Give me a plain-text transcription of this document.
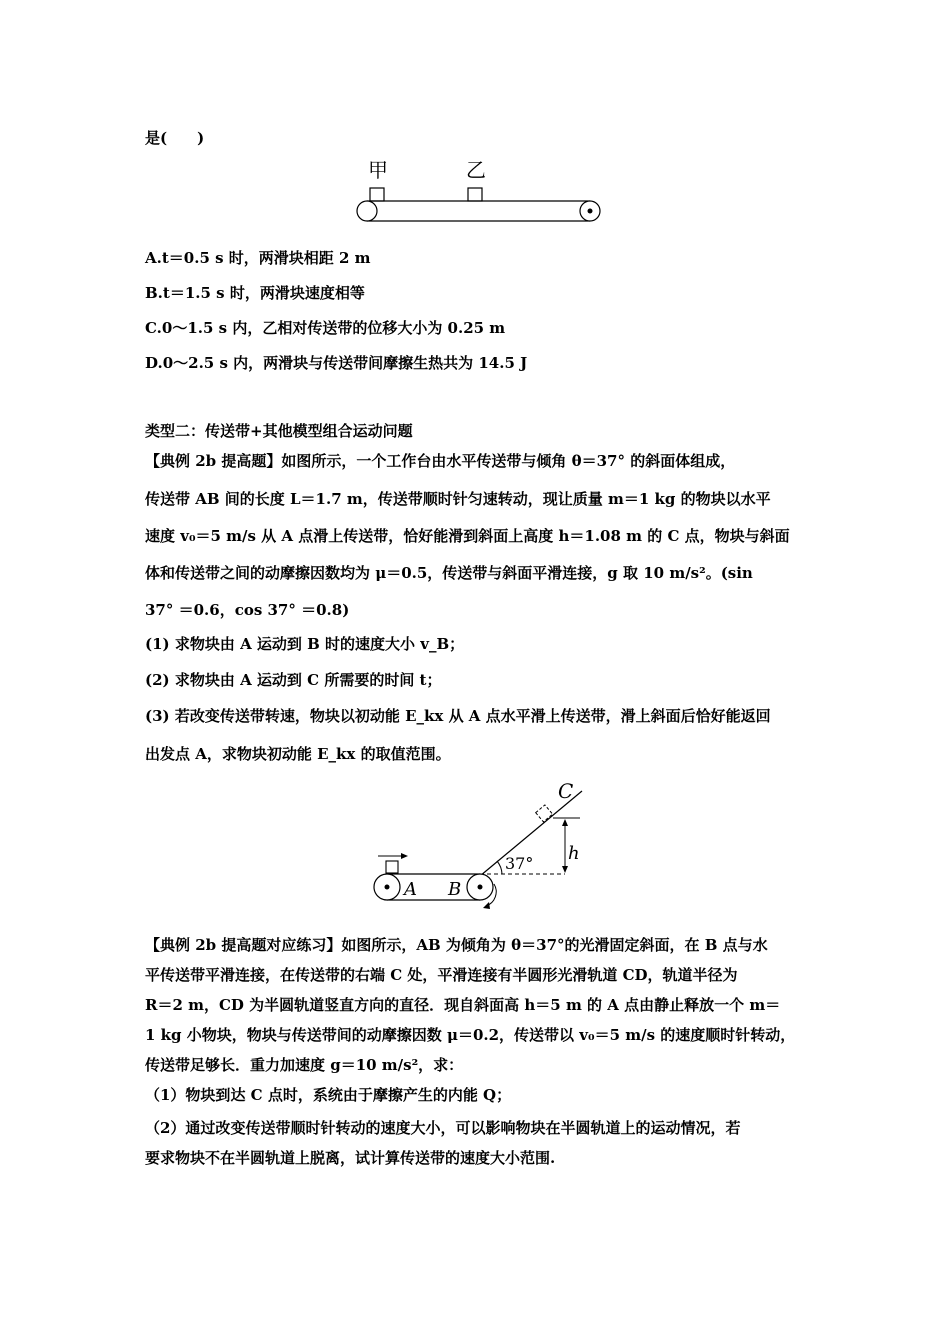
是(　　)
甲	乙
A.t＝0.5 s 时，两滑块相距 2 m
B.t＝1.5 s 时，两滑块速度相等
C.0～1.5 s 内，乙相对传送带的位移大小为 0.25 m
D.0～2.5 s 内，两滑块与传送带间摩擦生热共为 14.5 J
类型二：传送带+其他模型组合运动问题
【典例 2b 提高题】如图所示，一个工作台由水平传送带与倾角 θ＝37° 的斜面体组成，
传送带 AB 间的长度 L＝1.7 m，传送带顺时针匀速转动，现让质量 m＝1 kg 的物块以水平
速度 v₀＝5 m/s 从 A 点滑上传送带，恰好能滑到斜面上高度 h＝1.08 m 的 C 点，物块与斜面
体和传送带之间的动摩擦因数均为 μ＝0.5，传送带与斜面平滑连接，g 取 10 m/s²。(sin
37° ＝0.6，cos 37° ＝0.8)
(1) 求物块由 A 运动到 B 时的速度大小 v_B；
(2) 求物块由 A 运动到 C 所需要的时间 t；
(3) 若改变传送带转速，物块以初动能 E_kx 从 A 点水平滑上传送带，滑上斜面后恰好能返回
出发点 A，求物块初动能 E_kx 的取值范围。
C
h
37°
A B
【典例 2b 提高题对应练习】如图所示，AB 为倾角为 θ＝37°的光滑固定斜面，在 B 点与水
平传送带平滑连接，在传送带的右端 C 处，平滑连接有半圆形光滑轨道 CD，轨道半径为
R＝2 m，CD 为半圆轨道竖直方向的直径．现自斜面高 h＝5 m 的 A 点由静止释放一个 m＝
1 kg 小物块，物块与传送带间的动摩擦因数 μ＝0.2，传送带以 v₀＝5 m/s 的速度顺时针转动，
传送带足够长．重力加速度 g＝10 m/s²，求：
（1）物块到达 C 点时，系统由于摩擦产生的内能 Q；
（2）通过改变传送带顺时针转动的速度大小，可以影响物块在半圆轨道上的运动情况，若
要求物块不在半圆轨道上脱离，试计算传送带的速度大小范围.
